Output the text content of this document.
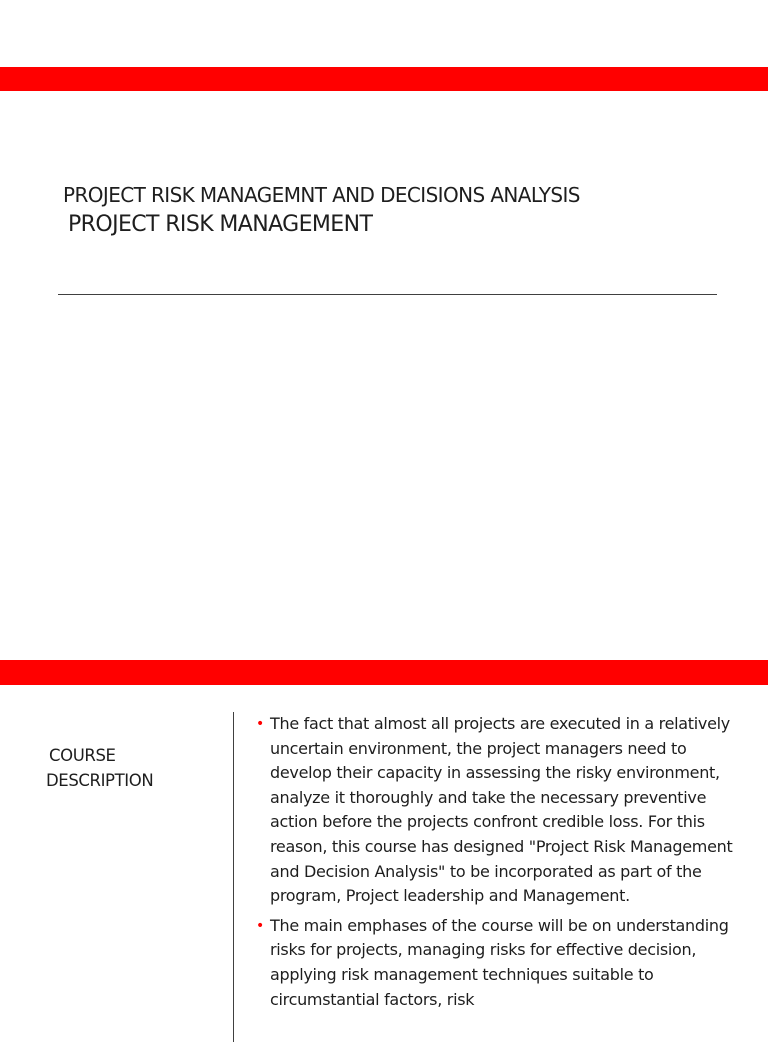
PROJECT RISK MANAGEMNT AND DECISIONS ANALYSIS
PROJECT RISK MANAGEMENT
COURSE
DESCRIPTION
• The fact that almost all projects are executed in a relatively uncertain environment, the project managers need to develop their capacity in assessing the risky environment, analyze it thoroughly and take the necessary preventive action before the projects confront credible loss. For this reason, this course has designed "Project Risk Management and Decision Analysis" to be incorporated as part of the program, Project leadership and Management.
• The main emphases of the course will be on understanding risks for projects, managing risks for effective decision, applying risk management techniques suitable to circumstantial factors, risk
